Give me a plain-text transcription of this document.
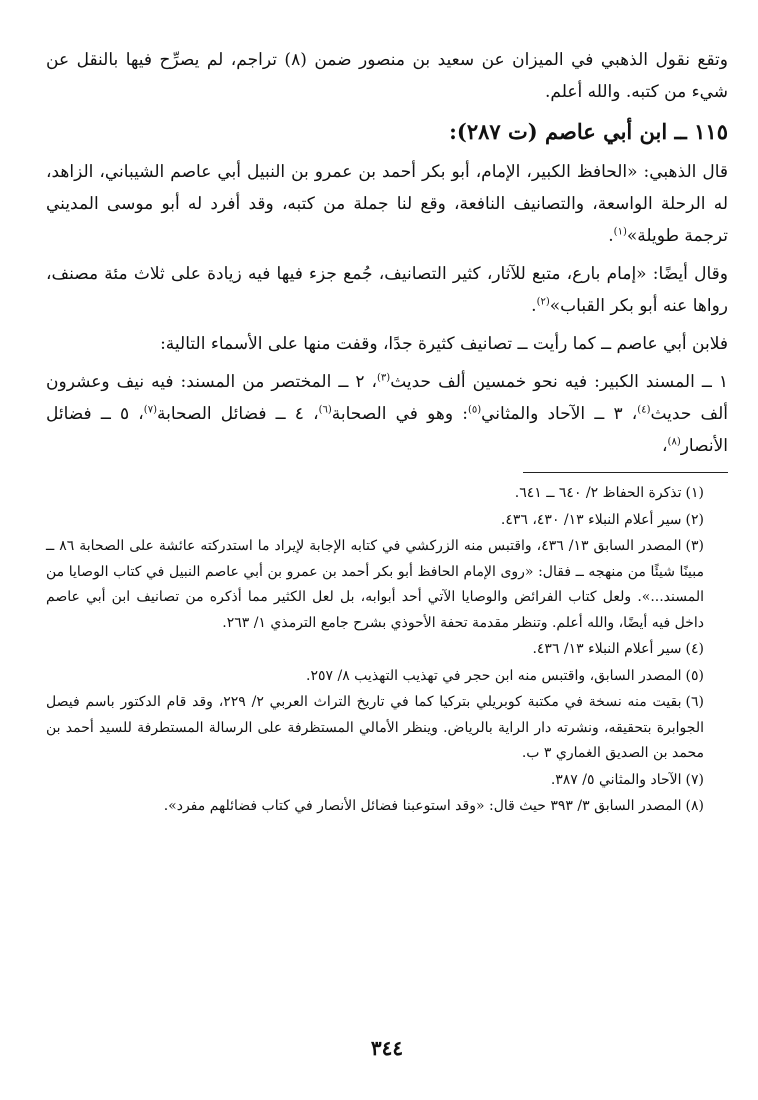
وتقع نقول الذهبي في الميزان عن سعيد بن منصور ضمن (٨) تراجم، لم يصرِّح فيها بالنقل عن شيء من كتبه. والله أعلم.

١١٥ ــ ابن أبي عاصم (ت ٢٨٧):

قال الذهبي: «الحافظ الكبير، الإمام، أبو بكر أحمد بن عمرو بن النبيل أبي عاصم الشيباني، الزاهد، له الرحلة الواسعة، والتصانيف النافعة، وقع لنا جملة من كتبه، وقد أفرد له أبو موسى المديني ترجمة طويلة»$^{(١)}$.

وقال أيضًا: «إمام بارع، متبع للآثار، كثير التصانيف، جُمع جزء فيها فيه زيادة على ثلاث مئة مصنف، رواها عنه أبو بكر القباب»$^{(٢)}$.

فلابن أبي عاصم ــ كما رأيت ــ تصانيف كثيرة جدًا، وقفت منها على الأسماء التالية:

١ ــ المسند الكبير: فيه نحو خمسين ألف حديث$^{(٣)}$، ٢ ــ المختصر من المسند: فيه نيف وعشرون ألف حديث$^{(٤)}$، ٣ ــ الآحاد والمثاني$^{(٥)}$: وهو في الصحابة$^{(٦)}$، ٤ ــ فضائل الصحابة$^{(٧)}$، ٥ ــ فضائل الأنصار$^{(٨)}$،

(١)تذكرة الحفاظ ٢/ ٦٤٠ ــ ٦٤١.

(٢)سير أعلام النبلاء ١٣/ ٤٣٠، ٤٣٦.

(٣)المصدر السابق ١٣/ ٤٣٦، واقتبس منه الزركشي في كتابه الإجابة لإيراد ما استدركته عائشة على الصحابة ٨٦ ــ مبينًا شيئًا من منهجه ــ فقال: «روى الإمام الحافظ أبو بكر أحمد بن عمرو بن أبي عاصم النبيل في كتاب الوصايا من المسند...». ولعل كتاب الفرائض والوصايا الآتي أحد أبوابه، بل لعل الكثير مما أذكره من تصانيف ابن أبي عاصم داخل فيه أيضًا، والله أعلم. وتنظر مقدمة تحفة الأحوذي بشرح جامع الترمذي ١/ ٢٦٣.

(٤)سير أعلام النبلاء ١٣/ ٤٣٦.

(٥)المصدر السابق، واقتبس منه ابن حجر في تهذيب التهذيب ٨/ ٢٥٧.

(٦)بقيت منه نسخة في مكتبة كوبريلي بتركيا كما في تاريخ التراث العربي ٢/ ٢٢٩، وقد قام الدكتور باسم فيصل الجوابرة بتحقيقه، ونشرته دار الراية بالرياض. وينظر الأمالي المستظرفة على الرسالة المستطرفة للسيد أحمد بن محمد بن الصديق الغماري ٣ ب.

(٧)الآحاد والمثاني ٥/ ٣٨٧.

(٨)المصدر السابق ٣/ ٣٩٣ حيث قال: «وقد استوعبنا فضائل الأنصار في كتاب فضائلهم مفرد».

٣٤٤
